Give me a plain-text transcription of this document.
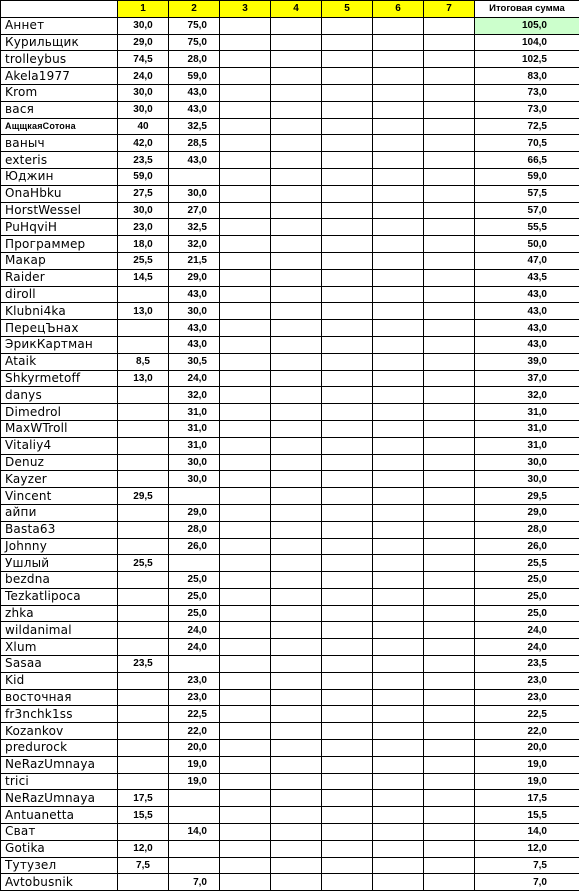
	1	2	3	4	5	6	7	Итоговая сумма
Аннет	30,0	75,0						105,0
Курильщик	29,0	75,0						104,0
trolleybus	74,5	28,0						102,5
Akela1977	24,0	59,0						83,0
Krom	30,0	43,0						73,0
вася	30,0	43,0						73,0
АщщкаяСотона	40	32,5						72,5
ваныч	42,0	28,5						70,5
exteris	23,5	43,0						66,5
Юджин	59,0							59,0
OnaHbku	27,5	30,0						57,5
HorstWessel	30,0	27,0						57,0
PuHqviH	23,0	32,5						55,5
Программер	18,0	32,0						50,0
Макар	25,5	21,5						47,0
Raider	14,5	29,0						43,5
diroll		43,0						43,0
Klubni4ka	13,0	30,0						43,0
ПерецЪнах		43,0						43,0
ЭрикКартман		43,0						43,0
Ataik	8,5	30,5						39,0
Shkyrmetoff	13,0	24,0						37,0
danys		32,0						32,0
Dimedrol		31,0						31,0
MaxWTroll		31,0						31,0
Vitaliy4		31,0						31,0
Denuz		30,0						30,0
Kayzer		30,0						30,0
Vincent	29,5							29,5
айпи		29,0						29,0
Basta63		28,0						28,0
Johnny		26,0						26,0
Ушлый	25,5							25,5
bezdna		25,0						25,0
Tezkatlipoca		25,0						25,0
zhka		25,0						25,0
wildanimal		24,0						24,0
Xlum		24,0						24,0
Sasaa	23,5							23,5
Kid		23,0						23,0
восточная		23,0						23,0
fr3nchk1ss		22,5						22,5
Kozankov		22,0						22,0
predurock		20,0						20,0
NeRazUmnaya		19,0						19,0
trici		19,0						19,0
NeRazUmnaya	17,5							17,5
Antuanetta	15,5							15,5
Сват		14,0						14,0
Gotika	12,0							12,0
Тутузел	7,5							7,5
Avtobusnik		7,0						7,0
